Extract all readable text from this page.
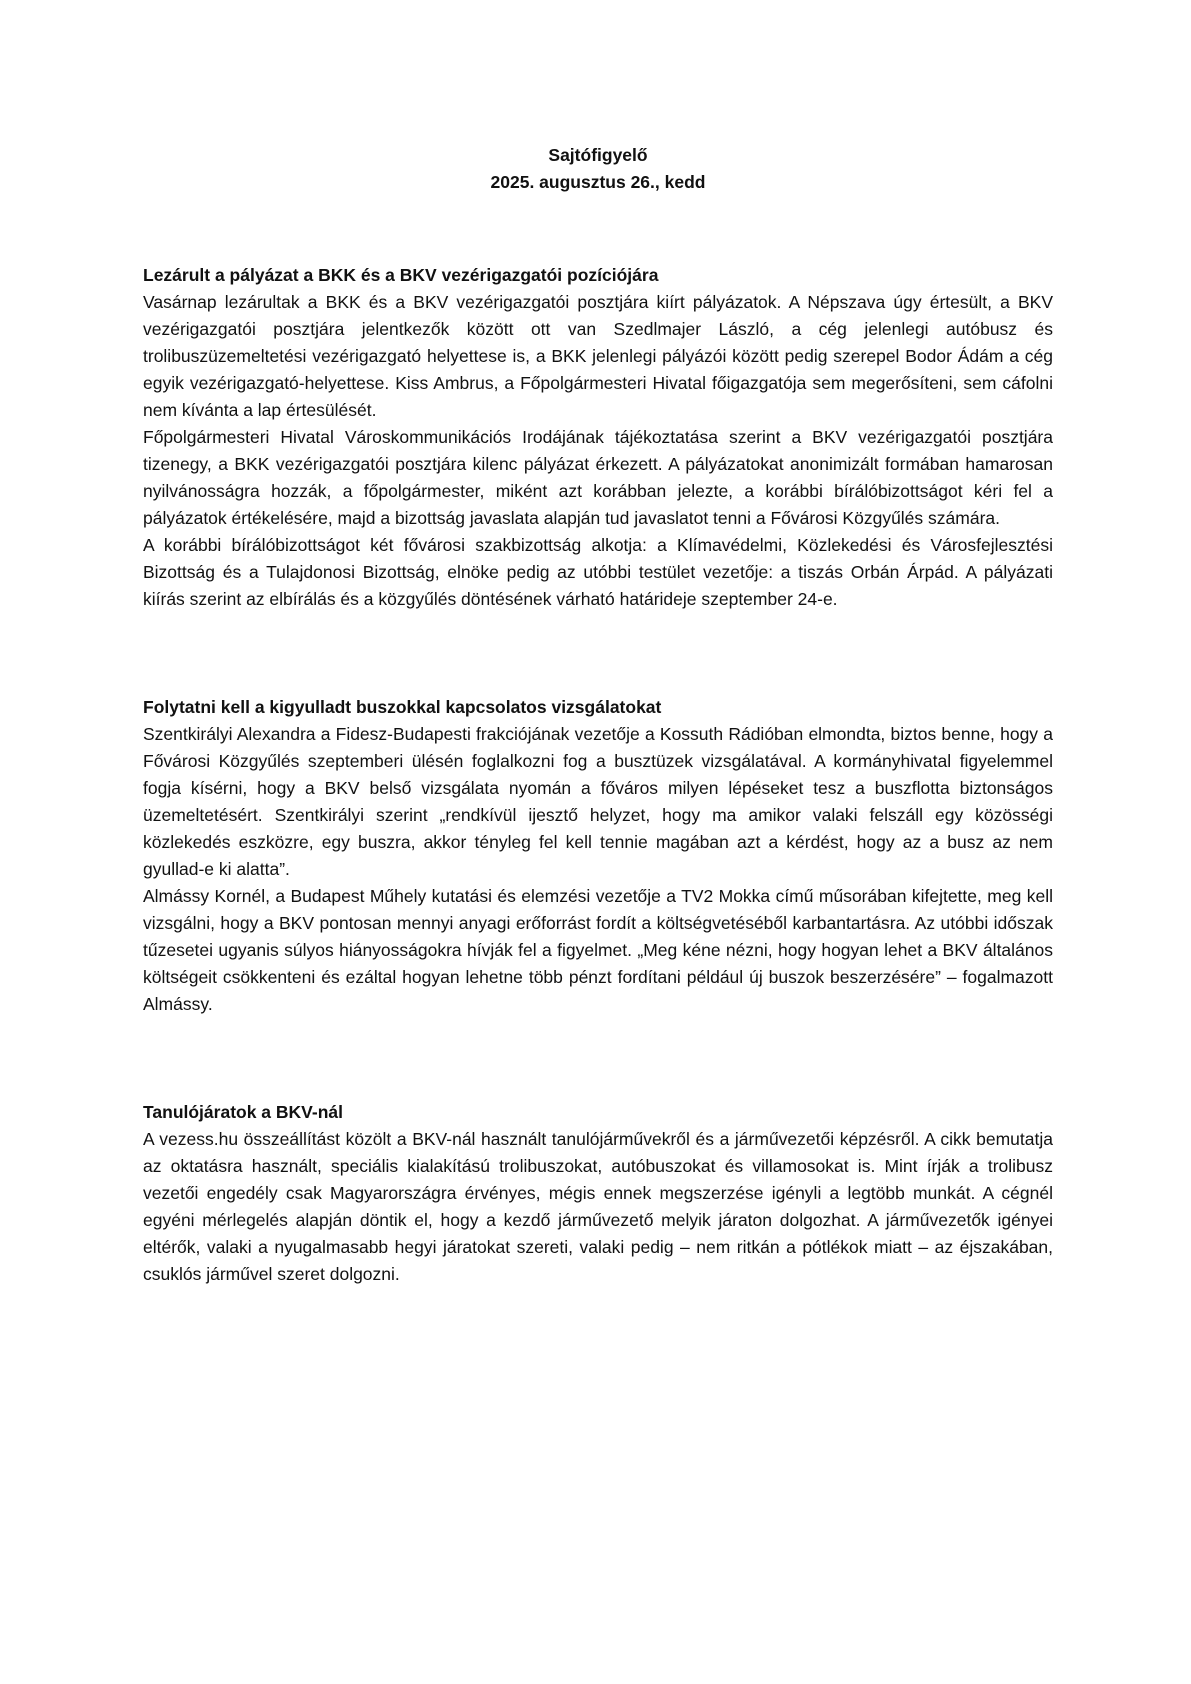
Sajtófigyelő
2025. augusztus 26., kedd
Lezárult a pályázat a BKK és a BKV vezérigazgatói pozíciójára

Vasárnap lezárultak a BKK és a BKV vezérigazgatói posztjára kiírt pályázatok. A Népszava úgy értesült, a BKV vezérigazgatói posztjára jelentkezők között ott van Szedlmajer László, a cég jelenlegi autóbusz és trolibuszüzemeltetési vezérigazgató helyettese is, a BKK jelenlegi pályázói között pedig szerepel Bodor Ádám a cég egyik vezérigazgató-helyettese. Kiss Ambrus, a Főpolgármesteri Hivatal főigazgatója sem megerősíteni, sem cáfolni nem kívánta a lap értesülését.

Főpolgármesteri Hivatal Városkommunikációs Irodájának tájékoztatása szerint a BKV vezérigazgatói posztjára tizenegy, a BKK vezérigazgatói posztjára kilenc pályázat érkezett. A pályázatokat anonimizált formában hamarosan nyilvánosságra hozzák, a főpolgármester, miként azt korábban jelezte, a korábbi bírálóbizottságot kéri fel a pályázatok értékelésére, majd a bizottság javaslata alapján tud javaslatot tenni a Fővárosi Közgyűlés számára.

A korábbi bírálóbizottságot két fővárosi szakbizottság alkotja: a Klímavédelmi, Közlekedési és Városfejlesztési Bizottság és a Tulajdonosi Bizottság, elnöke pedig az utóbbi testület vezetője: a tiszás Orbán Árpád. A pályázati kiírás szerint az elbírálás és a közgyűlés döntésének várható határideje szeptember 24-e.

Folytatni kell a kigyulladt buszokkal kapcsolatos vizsgálatokat

Szentkirályi Alexandra a Fidesz-Budapesti frakciójának vezetője a Kossuth Rádióban elmondta, biztos benne, hogy a Fővárosi Közgyűlés szeptemberi ülésén foglalkozni fog a busztüzek vizsgálatával. A kormányhivatal figyelemmel fogja kísérni, hogy a BKV belső vizsgálata nyomán a főváros milyen lépéseket tesz a buszflotta biztonságos üzemeltetésért. Szentkirályi szerint „rendkívül ijesztő helyzet, hogy ma amikor valaki felszáll egy közösségi közlekedés eszközre, egy buszra, akkor tényleg fel kell tennie magában azt a kérdést, hogy az a busz az nem gyullad-e ki alatta”.

Almássy Kornél, a Budapest Műhely kutatási és elemzési vezetője a TV2 Mokka című műsorában kifejtette, meg kell vizsgálni, hogy a BKV pontosan mennyi anyagi erőforrást fordít a költségvetéséből karbantartásra. Az utóbbi időszak tűzesetei ugyanis súlyos hiányosságokra hívják fel a figyelmet. „Meg kéne nézni, hogy hogyan lehet a BKV általános költségeit csökkenteni és ezáltal hogyan lehetne több pénzt fordítani például új buszok beszerzésére” – fogalmazott Almássy.

Tanulójáratok a BKV-nál

A vezess.hu összeállítást közölt a BKV-nál használt tanulójárművekről és a járművezetői képzésről. A cikk bemutatja az oktatásra használt, speciális kialakítású trolibuszokat, autóbuszokat és villamosokat is. Mint írják a trolibusz vezetői engedély csak Magyarországra érvényes, mégis ennek megszerzése igényli a legtöbb munkát. A cégnél egyéni mérlegelés alapján döntik el, hogy a kezdő járművezető melyik járaton dolgozhat. A járművezetők igényei eltérők, valaki a nyugalmasabb hegyi járatokat szereti, valaki pedig – nem ritkán a pótlékok miatt – az éjszakában, csuklós járművel szeret dolgozni.
